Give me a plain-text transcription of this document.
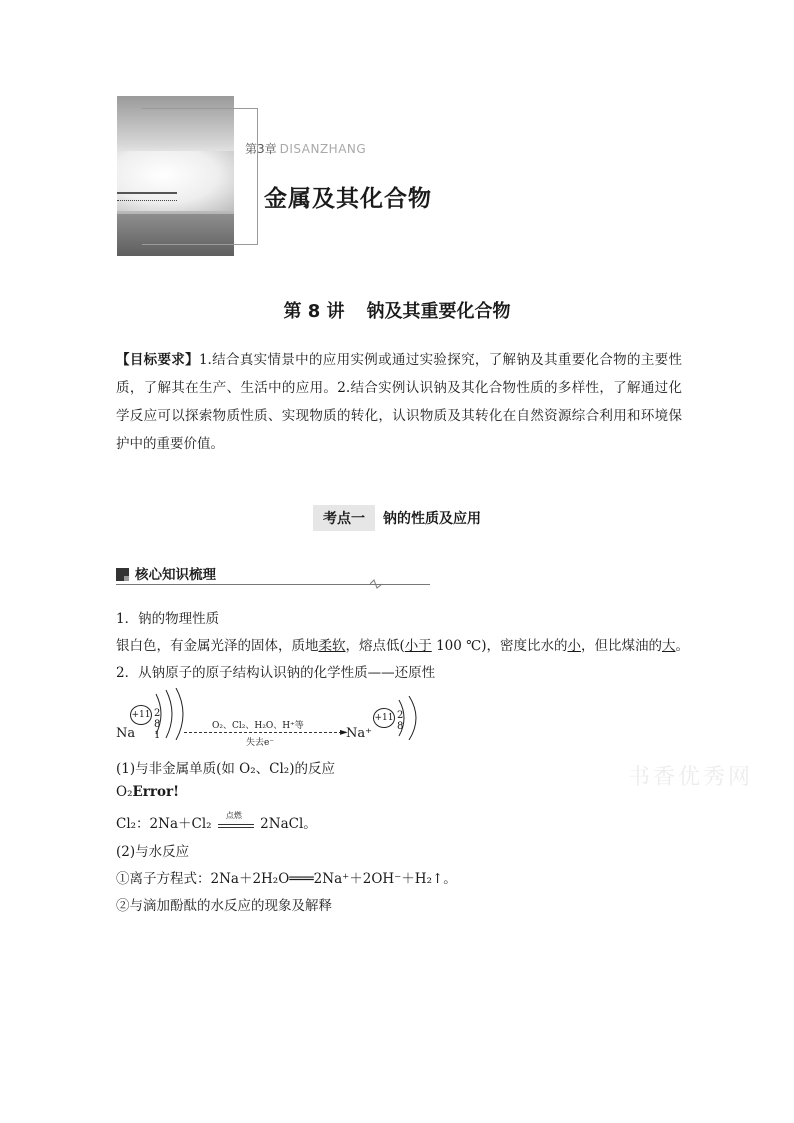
第3章 DISANZHANG
金属及其化合物
第 8 讲 钠及其重要化合物
【目标要求】1.结合真实情景中的应用实例或通过实验探究，了解钠及其重要化合物的主要性质，了解其在生产、生活中的应用。2.结合实例认识钠及其化合物性质的多样性，了解通过化学反应可以探索物质性质、实现物质的转化，认识物质及其转化在自然资源综合利用和环境保护中的重要价值。
考点一 钠的性质及应用
核心知识梳理
1．钠的物理性质
银白色，有金属光泽的固体，质地柔软，熔点低(小于 100 ℃)，密度比水的小，但比煤油的大。
2．从钠原子的原子结构认识钠的化学性质——还原性
Na
+11 2 8 1
O₂、Cl₂、H₂O、H⁺等
►
失去e⁻
Na⁺
+11 2 8
书香优秀网
(1)与非金属单质(如 O₂、Cl₂)的反应
O₂Error!
Cl₂：2Na＋Cl₂
点燃
2NaCl。
(2)与水反应
①离子方程式：2Na＋2H₂O═══2Na⁺＋2OH⁻＋H₂↑。
②与滴加酚酞的水反应的现象及解释
